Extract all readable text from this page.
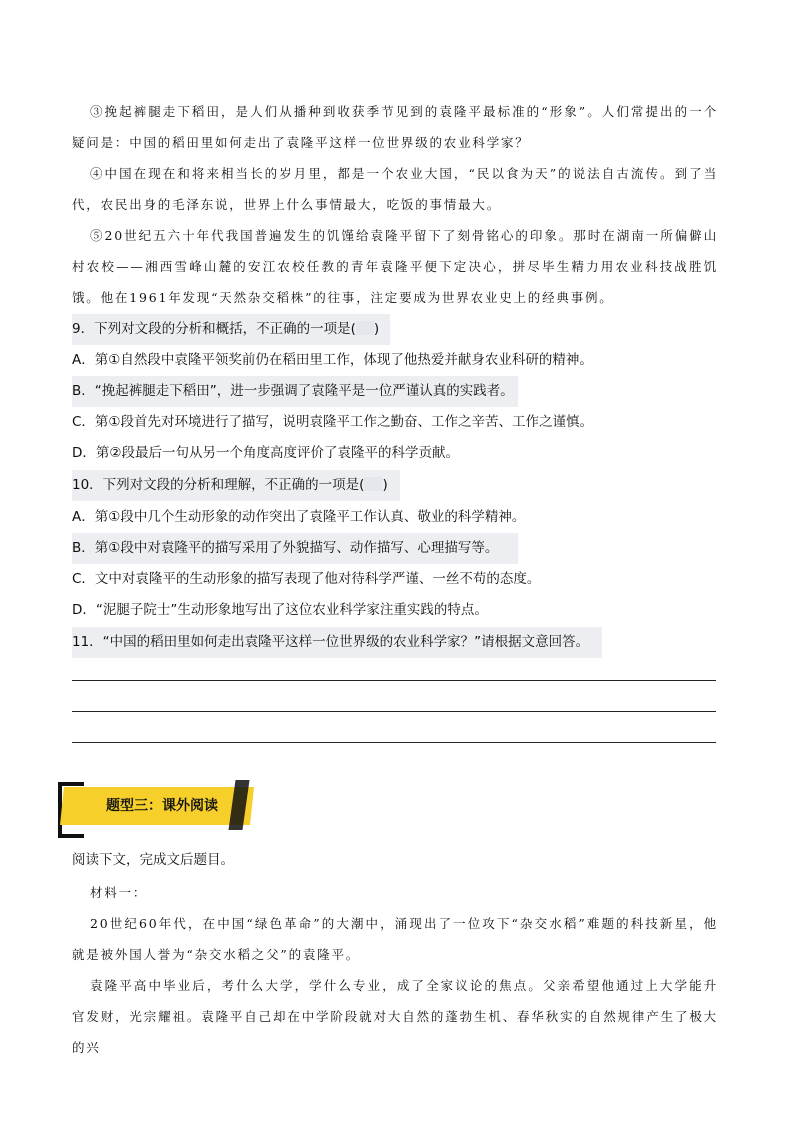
③挽起裤腿走下稻田，是人们从播种到收获季节见到的袁隆平最标准的“形象”。人们常提出的一个疑问是：中国的稻田里如何走出了袁隆平这样一位世界级的农业科学家？

④中国在现在和将来相当长的岁月里，都是一个农业大国，“民以食为天”的说法自古流传。到了当代，农民出身的毛泽东说，世界上什么事情最大，吃饭的事情最大。

⑤20世纪五六十年代我国普遍发生的饥馑给袁隆平留下了刻骨铭心的印象。那时在湖南一所偏僻山村农校——湘西雪峰山麓的安江农校任教的青年袁隆平便下定决心，拼尽毕生精力用农业科技战胜饥饿。他在1961年发现“天然杂交稻株”的往事，注定要成为世界农业史上的经典事例。

9．下列对文段的分析和概括，不正确的一项是( )

A．第①自然段中袁隆平领奖前仍在稻田里工作，体现了他热爱并献身农业科研的精神。

B．“挽起裤腿走下稻田”，进一步强调了袁隆平是一位严谨认真的实践者。

C．第①段首先对环境进行了描写，说明袁隆平工作之勤奋、工作之辛苦、工作之谨慎。

D．第②段最后一句从另一个角度高度评价了袁隆平的科学贡献。

10．下列对文段的分析和理解，不正确的一项是( )

A．第①段中几个生动形象的动作突出了袁隆平工作认真、敬业的科学精神。

B．第①段中对袁隆平的描写采用了外貌描写、动作描写、心理描写等。

C．文中对袁隆平的生动形象的描写表现了他对待科学严谨、一丝不苟的态度。

D．“泥腿子院士”生动形象地写出了这位农业科学家注重实践的特点。

11．“中国的稻田里如何走出袁隆平这样一位世界级的农业科学家？”请根据文意回答。

题型三：课外阅读

阅读下文，完成文后题目。

材料一：

20世纪60年代，在中国“绿色革命”的大潮中，涌现出了一位攻下“杂交水稻”难题的科技新星，他就是被外国人誉为“杂交水稻之父”的袁隆平。

袁隆平高中毕业后，考什么大学，学什么专业，成了全家议论的焦点。父亲希望他通过上大学能升官发财，光宗耀祖。袁隆平自己却在中学阶段就对大自然的蓬勃生机、春华秋实的自然规律产生了极大的兴
